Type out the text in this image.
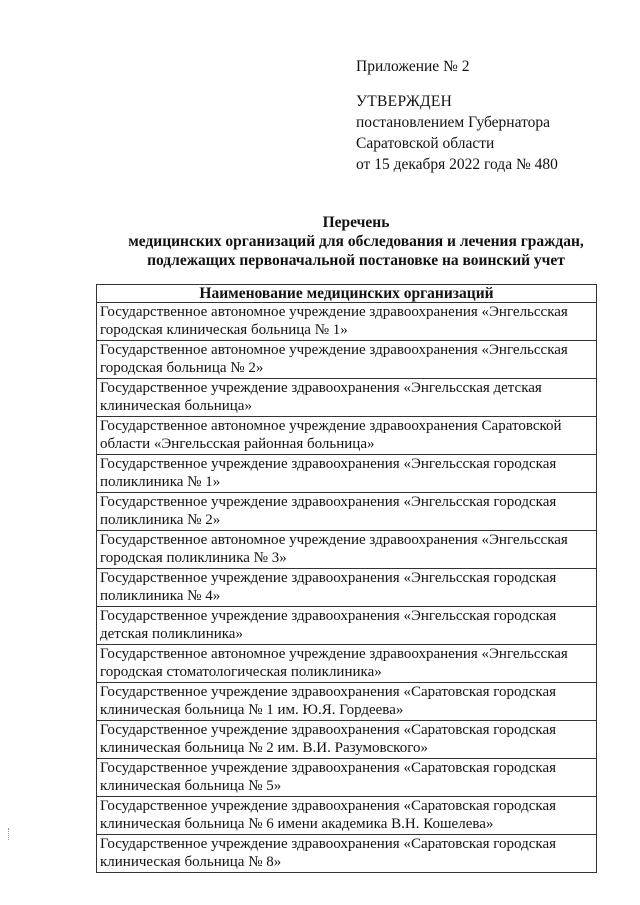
Приложение № 2
УТВЕРЖДЕН
постановлением Губернатора
Саратовской области
от 15 декабря 2022 года № 480
Перечень
медицинских организаций для обследования и лечения граждан,
подлежащих первоначальной постановке на воинский учет
Наименование медицинских организаций

Государственное автономное учреждение здравоохранения «Энгельсская
городская клиническая больница № 1»

Государственное автономное учреждение здравоохранения «Энгельсская
городская больница № 2»

Государственное учреждение здравоохранения «Энгельсская детская
клиническая больница»

Государственное автономное учреждение здравоохранения Саратовской
области «Энгельсская районная больница»

Государственное учреждение здравоохранения «Энгельсская городская
поликлиника № 1»

Государственное учреждение здравоохранения «Энгельсская городская
поликлиника № 2»

Государственное автономное учреждение здравоохранения «Энгельсская
городская поликлиника № 3»

Государственное учреждение здравоохранения «Энгельсская городская
поликлиника № 4»

Государственное учреждение здравоохранения «Энгельсская городская
детская поликлиника»

Государственное автономное учреждение здравоохранения «Энгельсская
городская стоматологическая поликлиника»

Государственное учреждение здравоохранения «Саратовская городская
клиническая больница № 1 им. Ю.Я. Гордеева»

Государственное учреждение здравоохранения «Саратовская городская
клиническая больница № 2 им. В.И. Разумовского»

Государственное учреждение здравоохранения «Саратовская городская
клиническая больница № 5»

Государственное учреждение здравоохранения «Саратовская городская
клиническая больница № 6 имени академика В.Н. Кошелева»

Государственное учреждение здравоохранения «Саратовская городская
клиническая больница № 8»
